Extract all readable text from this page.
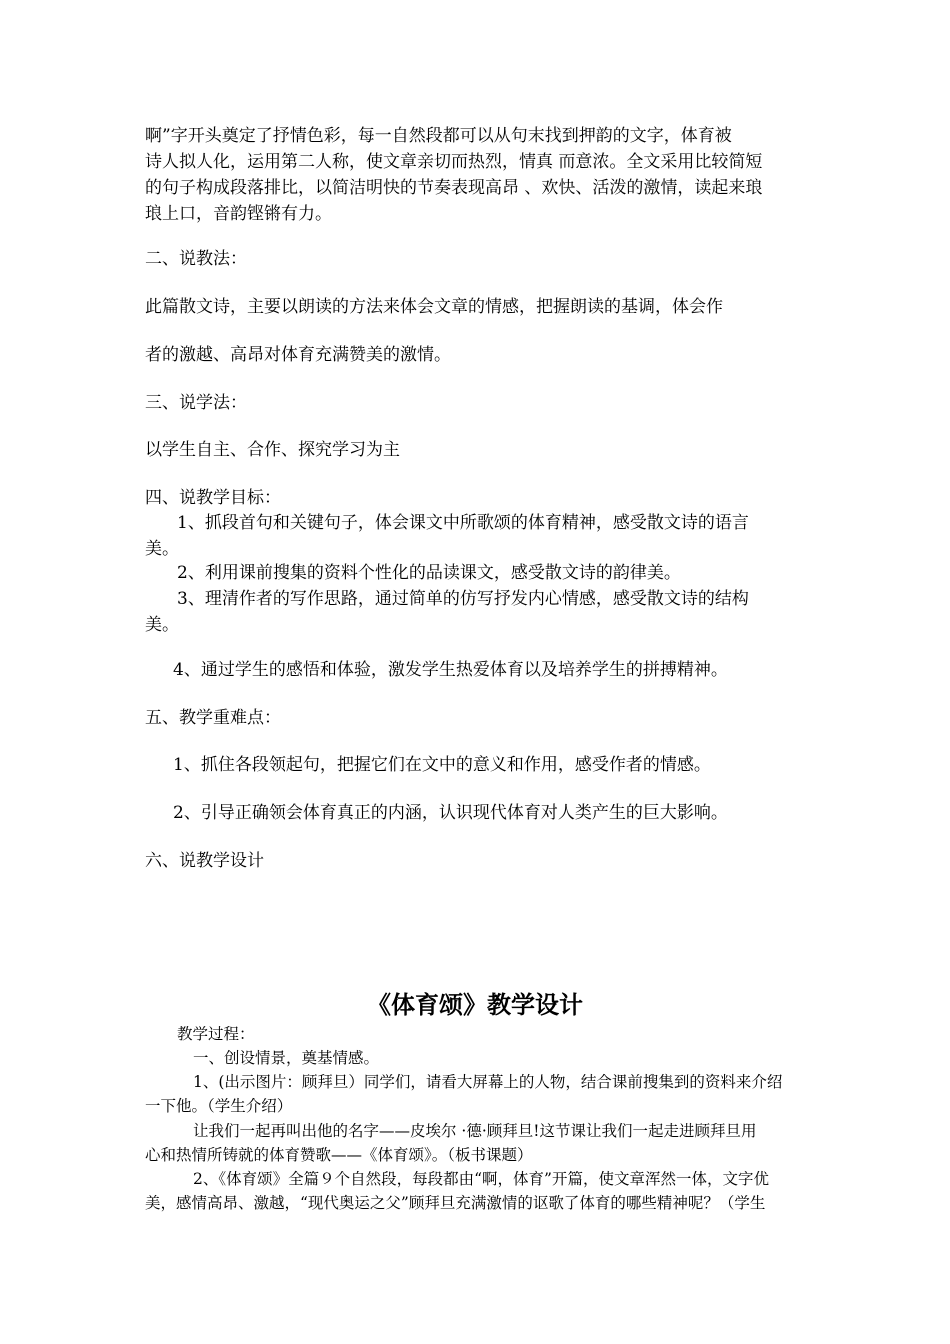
啊”字开头奠定了抒情色彩，每一自然段都可以从句末找到押韵的文字，体育被
诗人拟人化，运用第二人称，使文章亲切而热烈，情真 而意浓。全文采用比较简短
的句子构成段落排比，以简洁明快的节奏表现高昂 、欢快、活泼的激情，读起来琅
琅上口，音韵铿锵有力。
二、说教法：
此篇散文诗，主要以朗读的方法来体会文章的情感，把握朗读的基调，体会作
者的激越、高昂对体育充满赞美的激情。
三、说学法：
以学生自主、合作、探究学习为主
四、说教学目标：
1、抓段首句和关键句子，体会课文中所歌颂的体育精神，感受散文诗的语言
美。
2、利用课前搜集的资料个性化的品读课文，感受散文诗的韵律美。
3、理清作者的写作思路，通过简单的仿写抒发内心情感，感受散文诗的结构
美。
4、通过学生的感悟和体验，激发学生热爱体育以及培养学生的拼搏精神。
五、教学重难点：
1、抓住各段领起句，把握它们在文中的意义和作用，感受作者的情感。
2、引导正确领会体育真正的内涵，认识现代体育对人类产生的巨大影响。
六、说教学设计
《体育颂》教学设计
教学过程：
一、创设情景，奠基情感。
1、(出示图片：顾拜旦）同学们，请看大屏幕上的人物，结合课前搜集到的资料来介绍
一下他。（学生介绍）
让我们一起再叫出他的名字——皮埃尔 ·德·顾拜旦!这节课让我们一起走进顾拜旦用
心和热情所铸就的体育赞歌——《体育颂》。（板书课题）
2、《体育颂》全篇９个自然段，每段都由“啊，体育”开篇，使文章浑然一体，文字优
美，感情高昂、激越，“现代奥运之父”顾拜旦充满激情的讴歌了体育的哪些精神呢？（学生
